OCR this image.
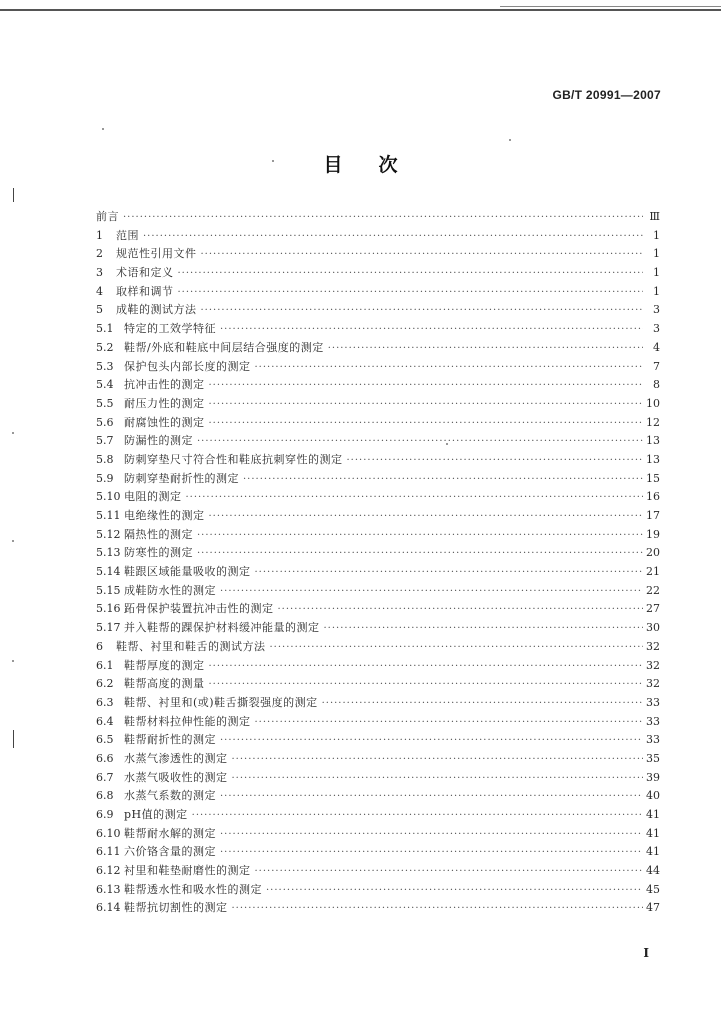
GB/T 20991—2007
目次
前言 ·····	Ⅲ
1	范围 ·····	1
2	规范性引用文件 ·····	1
3	术语和定义 ·····	1
4	取样和调节 ·····	1
5	成鞋的测试方法 ·····	3
5.1 特定的工效学特征 ·····	3
5.2 鞋帮/外底和鞋底中间层结合强度的测定 ·····	4
5.3 保护包头内部长度的测定 ·····	7
5.4 抗冲击性的测定 ·····	8
5.5 耐压力性的测定 ·····	10
5.6 耐腐蚀性的测定 ·····	12
5.7 防漏性的测定 ·····	13
5.8 防刺穿垫尺寸符合性和鞋底抗刺穿性的测定 ·····	13
5.9 防刺穿垫耐折性的测定 ·····	15
5.10 电阻的测定 ·····	16
5.11 电绝缘性的测定 ·····	17
5.12 隔热性的测定 ·····	19
5.13 防寒性的测定 ·····	20
5.14 鞋跟区域能量吸收的测定 ·····	21
5.15 成鞋防水性的测定 ·····	22
5.16 跖骨保护装置抗冲击性的测定 ·····	27
5.17 并入鞋帮的踝保护材料缓冲能量的测定 ·····	30
6	鞋帮、衬里和鞋舌的测试方法 ·····	32
6.1 鞋帮厚度的测定 ·····	32
6.2 鞋帮高度的测量 ·····	32
6.3 鞋帮、衬里和(或)鞋舌撕裂强度的测定 ·····	33
6.4 鞋帮材料拉伸性能的测定 ·····	33
6.5 鞋帮耐折性的测定 ·····	33
6.6 水蒸气渗透性的测定 ·····	35
6.7 水蒸气吸收性的测定 ·····	39
6.8 水蒸气系数的测定 ·····	40
6.9 pH值的测定 ·····	41
6.10 鞋帮耐水解的测定 ·····	41
6.11 六价铬含量的测定 ·····	41
6.12 衬里和鞋垫耐磨性的测定 ·····	44
6.13 鞋帮透水性和吸水性的测定 ·····	45
6.14 鞋帮抗切割性的测定 ·····	47
Ⅰ
